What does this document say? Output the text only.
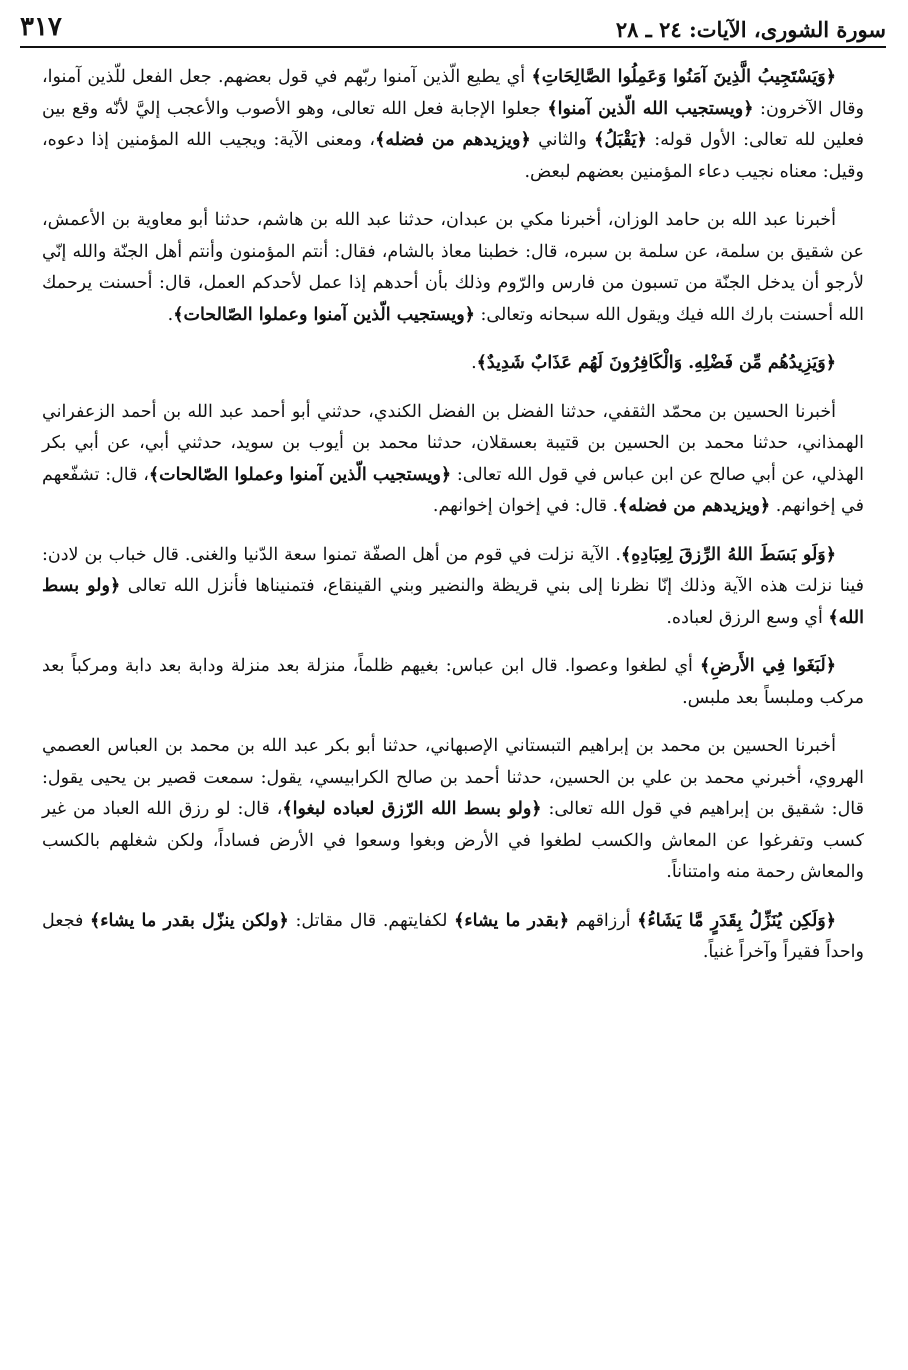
سورة الشورى، الآيات: ٢٤ ـ ٢٨
٣١٧

﴿وَيَسْتَجِيبُ الَّذِينَ آمَنُوا وَعَمِلُوا الصَّالِحَاتِ﴾ أي يطيع الّذين آمنوا ربّهم في قول بعضهم. جعل الفعل للّذين آمنوا، وقال الآخرون: ﴿ويستجيب الله الّذين آمنوا﴾ جعلوا الإجابة فعل الله تعالى، وهو الأصوب والأعجب إليَّ لأنّه وقع بين فعلين لله تعالى: الأول قوله: ﴿يَقْبَلُ﴾ والثاني ﴿ويزيدهم من فضله﴾، ومعنى الآية: ويجيب الله المؤمنين إذا دعوه، وقيل: معناه نجيب دعاء المؤمنين بعضهم لبعض.

أخبرنا عبد الله بن حامد الوزان، أخبرنا مكي بن عبدان، حدثنا عبد الله بن هاشم، حدثنا أبو معاوية بن الأعمش، عن شقيق بن سلمة، عن سلمة بن سبره، قال: خطبنا معاذ بالشام، فقال: أنتم المؤمنون وأنتم أهل الجنّة والله إنّي لأرجو أن يدخل الجنّة من تسبون من فارس والرّوم وذلك بأن أحدهم إذا عمل لأحدكم العمل، قال: أحسنت يرحمك الله أحسنت بارك الله فيك ويقول الله سبحانه وتعالى: ﴿ويستجيب الّذين آمنوا وعملوا الصّالحات﴾.

﴿وَيَزِيدُهُم مِّن فَضْلِهِ. وَالْكَافِرُونَ لَهُم عَذَابٌ شَدِيدٌ﴾.

أخبرنا الحسين بن محمّد الثقفي، حدثنا الفضل بن الفضل الكندي، حدثني أبو أحمد عبد الله بن أحمد الزعفراني الهمذاني، حدثنا محمد بن الحسين بن قتيبة بعسقلان، حدثنا محمد بن أيوب بن سويد، حدثني أبي، عن أبي بكر الهذلي، عن أبي صالح عن ابن عباس في قول الله تعالى: ﴿ويستجيب الّذين آمنوا وعملوا الصّالحات﴾، قال: تشفّعهم في إخوانهم. ﴿ويزيدهم من فضله﴾. قال: في إخوان إخوانهم.

﴿وَلَو بَسَطَ اللهُ الرِّزقَ لِعِبَادِهِ﴾. الآية نزلت في قوم من أهل الصفّة تمنوا سعة الدّنيا والغنى. قال خباب بن لادن: فينا نزلت هذه الآية وذلك إنّا نظرنا إلى بني قريظة والنضير وبني القينقاع، فتمنيناها فأنزل الله تعالى ﴿ولو بسط الله﴾ أي وسع الرزق لعباده.

﴿لَبَغَوا فِي الأَرضِ﴾ أي لطغوا وعصوا. قال ابن عباس: بغيهم ظلماً، منزلة بعد منزلة ودابة بعد دابة ومركباً بعد مركب وملبساً بعد ملبس.

أخبرنا الحسين بن محمد بن إبراهيم التبستاني الإصبهاني، حدثنا أبو بكر عبد الله بن محمد بن العباس العصمي الهروي، أخبرني محمد بن علي بن الحسين، حدثنا أحمد بن صالح الكرابيسي، يقول: سمعت قصير بن يحيى يقول: قال: شقيق بن إبراهيم في قول الله تعالى: ﴿ولو بسط الله الرّزق لعباده لبغوا﴾، قال: لو رزق الله العباد من غير كسب وتفرغوا عن المعاش والكسب لطغوا في الأرض وبغوا وسعوا في الأرض فساداً، ولكن شغلهم بالكسب والمعاش رحمة منه وامتناناً.

﴿وَلَكِن يُنَزِّلُ بِقَدَرٍ مَّا يَشَاءُ﴾ أرزاقهم ﴿بقدر ما يشاء﴾ لكفايتهم. قال مقاتل: ﴿ولكن ينزّل بقدر ما يشاء﴾ فجعل واحداً فقيراً وآخراً غنياً.
